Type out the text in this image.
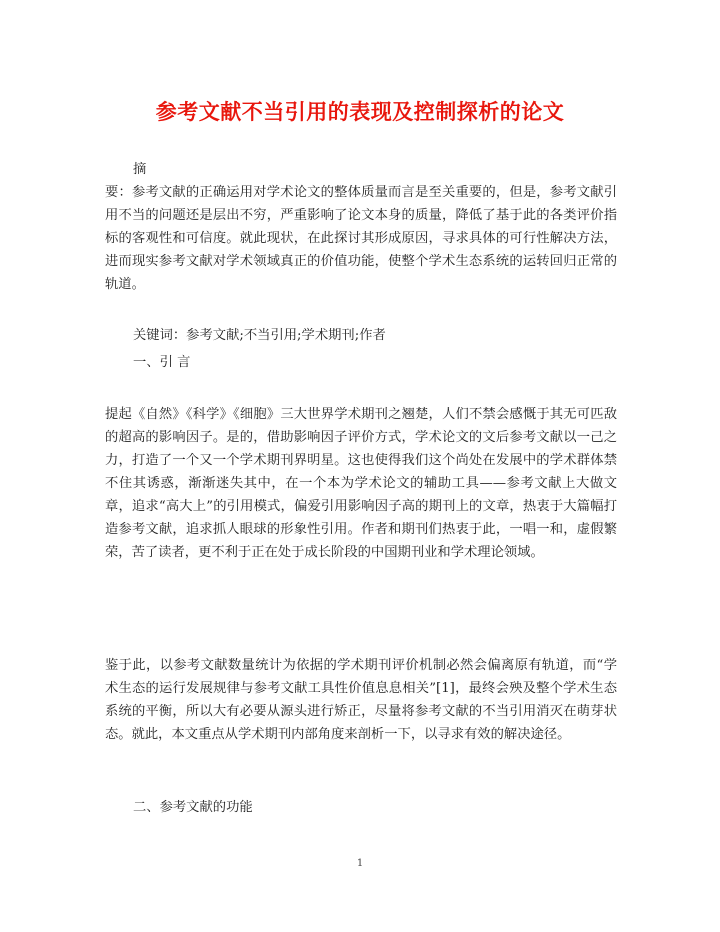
参考文献不当引用的表现及控制探析的论文

摘

要：参考文献的正确运用对学术论文的整体质量而言是至关重要的，但是，参考文献引用不当的问题还是层出不穷，严重影响了论文本身的质量，降低了基于此的各类评价指标的客观性和可信度。就此现状，在此探讨其形成原因，寻求具体的可行性解决方法，进而现实参考文献对学术领域真正的价值功能，使整个学术生态系统的运转回归正常的轨道。

关键词：参考文献;不当引用;学术期刊;作者

一、引 言

提起《自然》《科学》《细胞》三大世界学术期刊之翘楚，人们不禁会感慨于其无可匹敌的超高的影响因子。是的，借助影响因子评价方式，学术论文的文后参考文献以一己之力，打造了一个又一个学术期刊界明星。这也使得我们这个尚处在发展中的学术群体禁不住其诱惑，渐渐迷失其中，在一个本为学术论文的辅助工具——参考文献上大做文章，追求“高大上”的引用模式，偏爱引用影响因子高的期刊上的文章，热衷于大篇幅打造参考文献，追求抓人眼球的形象性引用。作者和期刊们热衷于此，一唱一和，虚假繁荣，苦了读者，更不利于正在处于成长阶段的中国期刊业和学术理论领域。

鉴于此，以参考文献数量统计为依据的学术期刊评价机制必然会偏离原有轨道，而“学术生态的运行发展规律与参考文献工具性价值息息相关”[1]，最终会殃及整个学术生态系统的平衡，所以大有必要从源头进行矫正，尽量将参考文献的不当引用消灭在萌芽状态。就此，本文重点从学术期刊内部角度来剖析一下，以寻求有效的解决途径。

二、参考文献的功能

1
